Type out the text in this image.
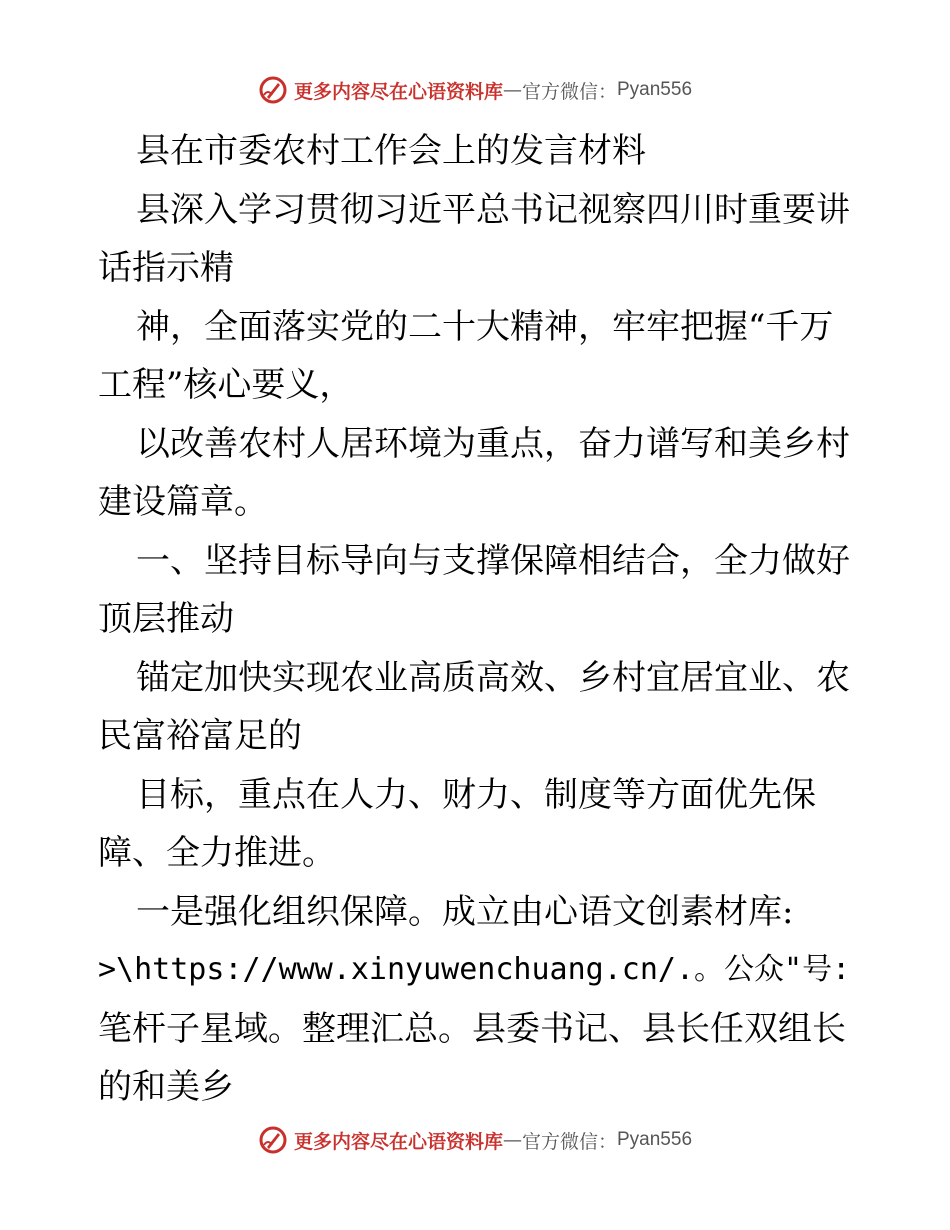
更多内容尽在心语资料库 — 官方微信： Pyan556

县在市委农村工作会上的发言材料

县深入学习贯彻习近平总书记视察四川时重要讲话指示精

神，全面落实党的二十大精神，牢牢把握“千万工程”核心要义，

以改善农村人居环境为重点，奋力谱写和美乡村建设篇章。

一、坚持目标导向与支撑保障相结合，全力做好顶层推动

锚定加快实现农业高质高效、乡村宜居宜业、农民富裕富足的

目标，重点在人力、财力、制度等方面优先保障、全力推进。

一是强化组织保障。成立由心语文创素材库:

>\https://www.xinyuwenchuang.cn/.。公众"号:

笔杆子星域。整理汇总。县委书记、县长任双组长的和美乡

更多内容尽在心语资料库 — 官方微信： Pyan556
